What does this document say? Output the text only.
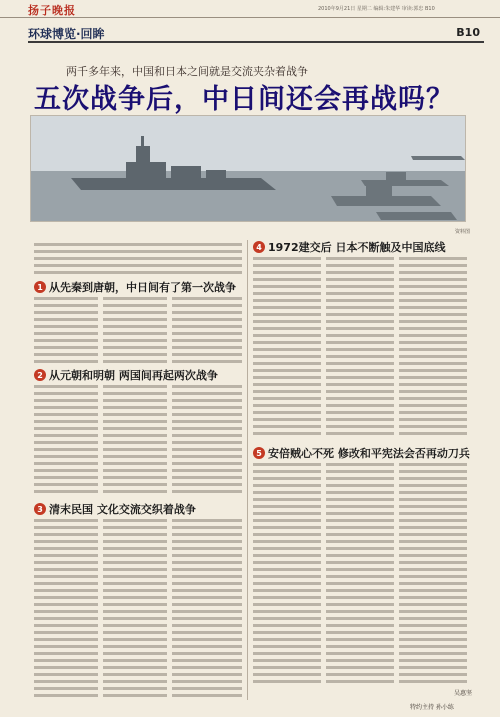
扬子晚报	2010年9月21日 星期二 编辑:朱建华 审读:郭忠 B10
环球博览·回眸	B10
两千多年来，中国和日本之间就是交流夹杂着战争
五次战争后，中日间还会再战吗？
资料图
1 从先秦到唐朝，中日间有了第一次战争
2 从元朝和明朝 两国间再起两次战争
3 清末民国 文化交流交织着战争
4 1972建交后 日本不断触及中国底线
5 安倍贼心不死 修改和平宪法会否再动刀兵
吴惠坚
特约主持 孙小练
